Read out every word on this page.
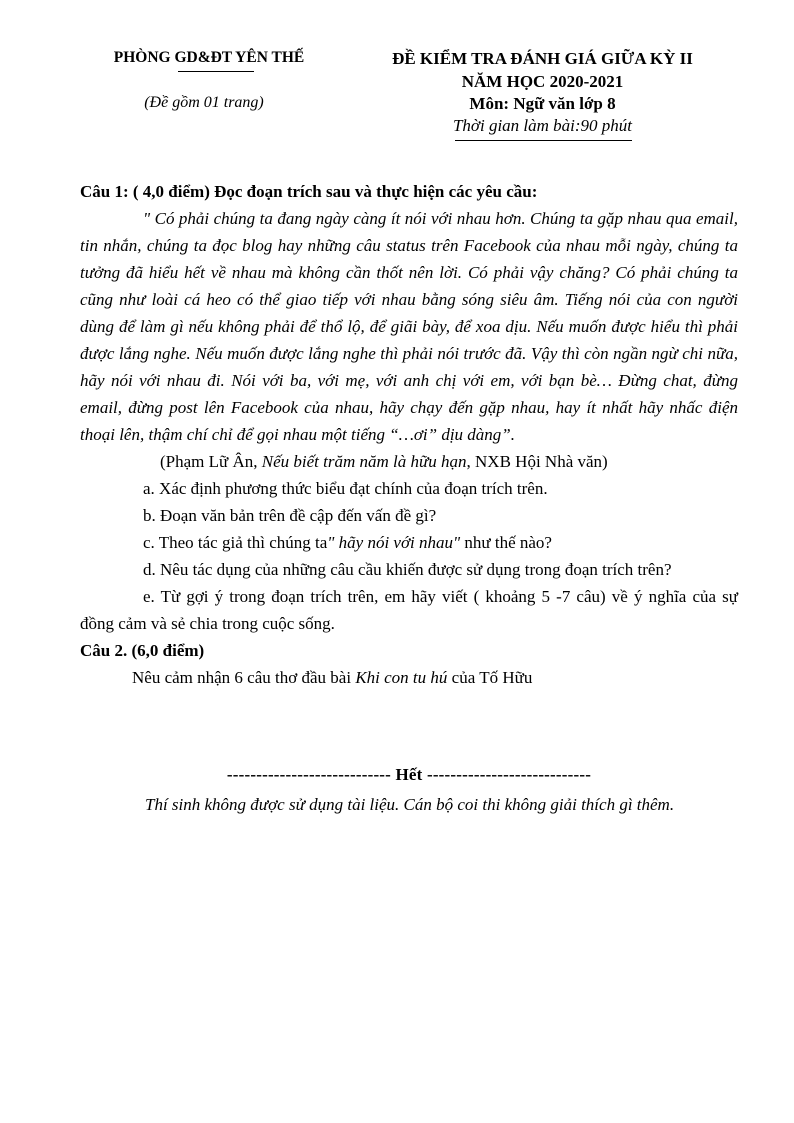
PHÒNG GD&ĐT YÊN THẾ
(Đề gồm 01 trang)
ĐỀ KIỂM TRA ĐÁNH GIÁ GIỮA KỲ II
NĂM HỌC 2020-2021
Môn: Ngữ văn lớp 8
Thời gian làm bài:90 phút

Câu 1: ( 4,0 điểm) Đọc đoạn trích sau và thực hiện các yêu cầu:

" Có phải chúng ta đang ngày càng ít nói với nhau hơn. Chúng ta gặp nhau qua email, tin nhắn, chúng ta đọc blog hay những câu status trên Facebook của nhau mỗi ngày, chúng ta tưởng đã hiểu hết về nhau mà không cần thốt nên lời. Có phải vậy chăng? Có phải chúng ta cũng như loài cá heo có thể giao tiếp với nhau bằng sóng siêu âm. Tiếng nói của con người dùng để làm gì nếu không phải để thổ lộ, để giãi bày, để xoa dịu. Nếu muốn được hiểu thì phải được lắng nghe. Nếu muốn được lắng nghe thì phải nói trước đã. Vậy thì còn ngần ngừ chi nữa, hãy nói với nhau đi. Nói với ba, với mẹ, với anh chị với em, với bạn bè… Đừng chat, đừng email, đừng post lên Facebook của nhau, hãy chạy đến gặp nhau, hay ít nhất hãy nhấc điện thoại lên, thậm chí chỉ để gọi nhau một tiếng “…ơi” dịu dàng”.

(Phạm Lữ Ân, Nếu biết trăm năm là hữu hạn, NXB Hội Nhà văn)

a. Xác định phương thức biểu đạt chính của đoạn trích trên.

b. Đoạn văn bản trên đề cập đến vấn đề gì?

c. Theo tác giả thì chúng ta" hãy nói với nhau" như thế nào?

d. Nêu tác dụng của những câu cầu khiến được sử dụng trong đoạn trích trên?

e. Từ gợi ý trong đoạn trích trên, em hãy viết ( khoảng 5 -7 câu) về ý nghĩa của sự đồng cảm và sẻ chia trong cuộc sống.

Câu 2. (6,0 điểm)

Nêu cảm nhận 6 câu thơ đầu bài Khi con tu hú của Tố Hữu

---------------------------- Hết ----------------------------
Thí sinh không được sử dụng tài liệu. Cán bộ coi thi không giải thích gì thêm.
